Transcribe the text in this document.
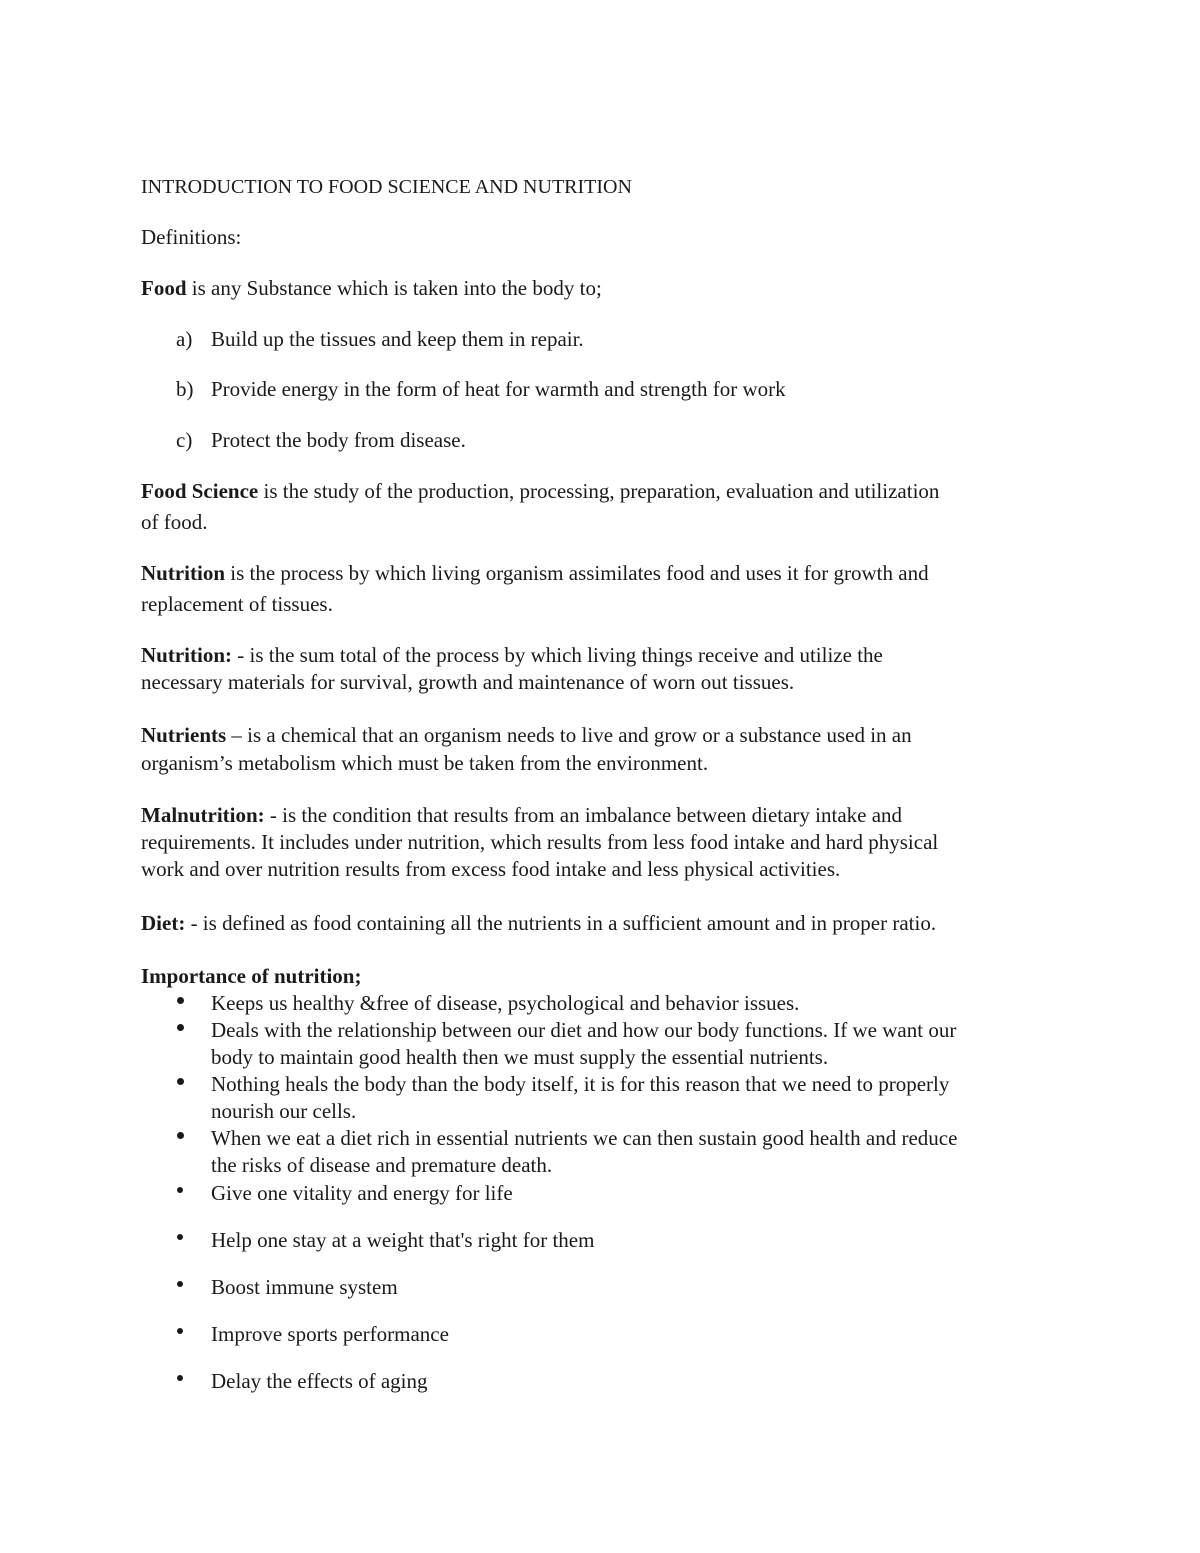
INTRODUCTION TO FOOD SCIENCE AND NUTRITION
Definitions:
Food is any Substance which is taken into the body to;
a) Build up the tissues and keep them in repair.
b) Provide energy in the form of heat for warmth and strength for work
c) Protect the body from disease.
Food Science is the study of the production, processing, preparation, evaluation and utilization
of food.
Nutrition is the process by which living organism assimilates food and uses it for growth and
replacement of tissues.
Nutrition: - is the sum total of the process by which living things receive and utilize the
necessary materials for survival, growth and maintenance of worn out tissues.
Nutrients – is a chemical that an organism needs to live and grow or a substance used in an
organism’s metabolism which must be taken from the environment.
Malnutrition: - is the condition that results from an imbalance between dietary intake and
requirements. It includes under nutrition, which results from less food intake and hard physical
work and over nutrition results from excess food intake and less physical activities.
Diet: - is defined as food containing all the nutrients in a sufficient amount and in proper ratio.
Importance of nutrition;
Keeps us healthy &free of disease, psychological and behavior issues.
Deals with the relationship between our diet and how our body functions. If we want our
body to maintain good health then we must supply the essential nutrients.
Nothing heals the body than the body itself, it is for this reason that we need to properly
nourish our cells.
When we eat a diet rich in essential nutrients we can then sustain good health and reduce
the risks of disease and premature death.
Give one vitality and energy for life
Help one stay at a weight that's right for them
Boost immune system
Improve sports performance
Delay the effects of aging
